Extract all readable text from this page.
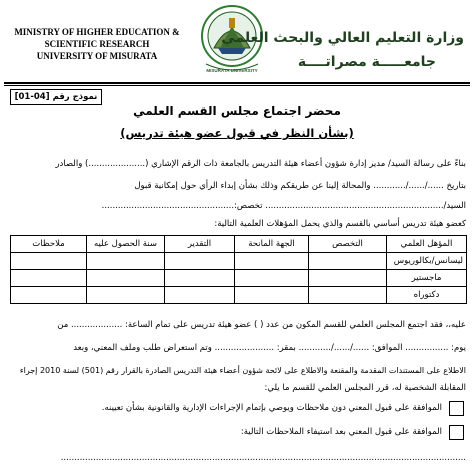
MINISTRY OF HIGHER EDUCATION &
SCIENTIFIC RESEARCH
UNIVERSITY OF MISURATA
MISURATA UNIVERSITY
وزارة التعليم العالي والبحث العلمي
جامعـــــة مصراتــــة
نموذج رقم [04-01]
محضر اجتماع مجلس القسم العلمي
(بشأن النظر في قبول عضو هيئة تدريس)
بناءً على رسالة السيد/ مدير إدارة شؤون أعضاء هيئة التدريس بالجامعة ذات الرقم الإشاري (.....................) والصادر
بتاريخ ....../....../............ والمحالة إلينا عن طريقكم وذلك بشأن إبداء الرأي حول إمكانية قبول
السيد/.................................................................. تخصص:.................................................
كعضو هيئة تدريس أساسي بالقسم والذي يحمل المؤهلات العلمية التالية:
المؤهل العلمي	التخصص	الجهة المانحة	التقدير	سنة الحصول عليه	ملاحظات
ليسانس/بكالوريوس					
ماجستير					
دكتوراه					
عليه،، فقد اجتمع المجلس العلمي للقسم المكون من عدد ( ) عضو هيئة تدريس على تمام الساعة: ................... من
يوم: ................ الموافق: ....../....../............ بمقر: ...................... وتم استعراض طلب وملف المعني، وبعد
الاطلاع على المستندات المقدمة والمقنعة والاطلاع على لائحة شؤون أعضاء هيئة التدريس الصادرة بالقرار رقم (501) لسنة 2010 إجراء
المقابلة الشخصية له، قرر المجلس العلمي للقسم ما يلي:
الموافقة على قبول المعني دون ملاحظات ويوصي بإتمام الإجراءات الإدارية والقانونية بشأن تعيينه.
الموافقة على قبول المعني بعد استيفاء الملاحظات التالية:
......................................................................................................................................................
